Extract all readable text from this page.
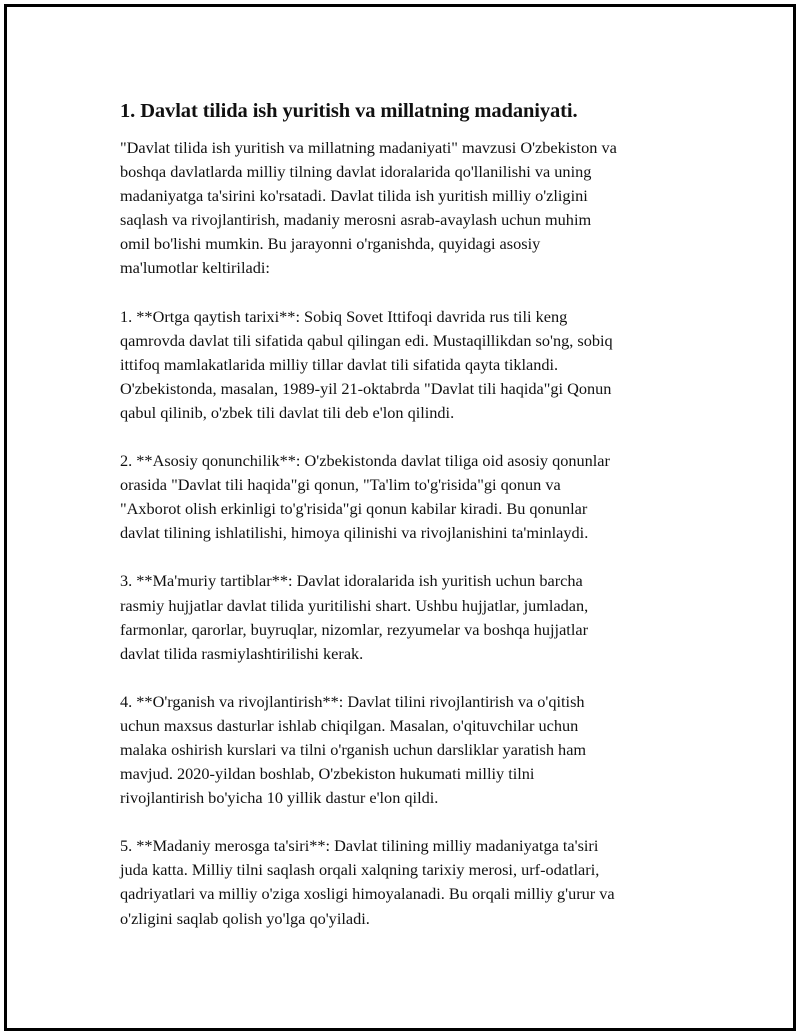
1. Davlat tilida ish yuritish va millatning madaniyati.

"Davlat tilida ish yuritish va millatning madaniyati" mavzusi O'zbekiston va
boshqa davlatlarda milliy tilning davlat idoralarida qo'llanilishi va uning
madaniyatga ta'sirini ko'rsatadi. Davlat tilida ish yuritish milliy o'zligini
saqlash va rivojlantirish, madaniy merosni asrab-avaylash uchun muhim
omil bo'lishi mumkin. Bu jarayonni o'rganishda, quyidagi asosiy
ma'lumotlar keltiriladi:

1. **Ortga qaytish tarixi**: Sobiq Sovet Ittifoqi davrida rus tili keng
qamrovda davlat tili sifatida qabul qilingan edi. Mustaqillikdan so'ng, sobiq
ittifoq mamlakatlarida milliy tillar davlat tili sifatida qayta tiklandi.
O'zbekistonda, masalan, 1989-yil 21-oktabrda "Davlat tili haqida"gi Qonun
qabul qilinib, o'zbek tili davlat tili deb e'lon qilindi.

2. **Asosiy qonunchilik**: O'zbekistonda davlat tiliga oid asosiy qonunlar
orasida "Davlat tili haqida"gi qonun, "Ta'lim to'g'risida"gi qonun va
"Axborot olish erkinligi to'g'risida"gi qonun kabilar kiradi. Bu qonunlar
davlat tilining ishlatilishi, himoya qilinishi va rivojlanishini ta'minlaydi.

3. **Ma'muriy tartiblar**: Davlat idoralarida ish yuritish uchun barcha
rasmiy hujjatlar davlat tilida yuritilishi shart. Ushbu hujjatlar, jumladan,
farmonlar, qarorlar, buyruqlar, nizomlar, rezyumelar va boshqa hujjatlar
davlat tilida rasmiylashtirilishi kerak.

4. **O'rganish va rivojlantirish**: Davlat tilini rivojlantirish va o'qitish
uchun maxsus dasturlar ishlab chiqilgan. Masalan, o'qituvchilar uchun
malaka oshirish kurslari va tilni o'rganish uchun darsliklar yaratish ham
mavjud. 2020-yildan boshlab, O'zbekiston hukumati milliy tilni
rivojlantirish bo'yicha 10 yillik dastur e'lon qildi.

5. **Madaniy merosga ta'siri**: Davlat tilining milliy madaniyatga ta'siri
juda katta. Milliy tilni saqlash orqali xalqning tarixiy merosi, urf-odatlari,
qadriyatlari va milliy o'ziga xosligi himoyalanadi. Bu orqali milliy g'urur va
o'zligini saqlab qolish yo'lga qo'yiladi.
